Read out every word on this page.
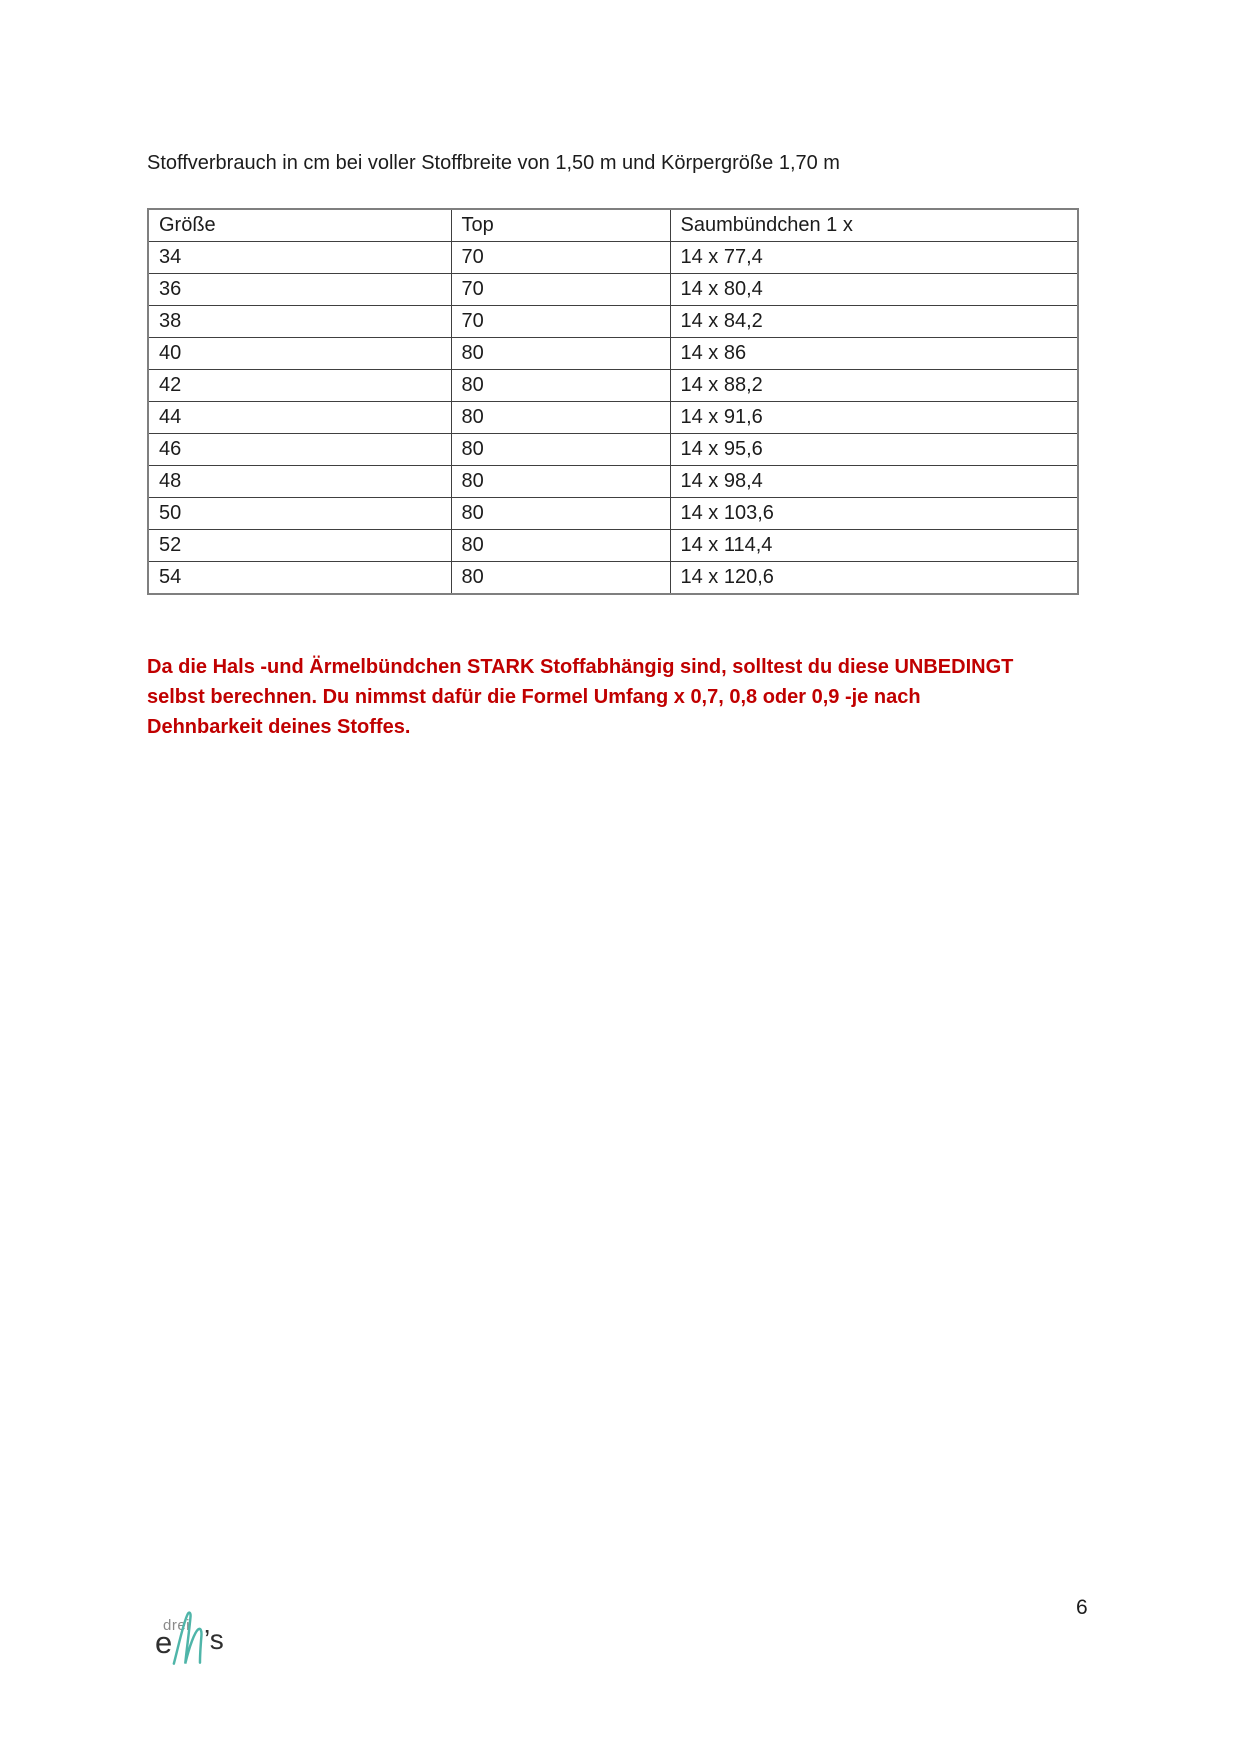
Stoffverbrauch in cm bei voller Stoffbreite von 1,50 m und Körpergröße 1,70 m
Größe	Top	Saumbündchen 1 x
34	70	14 x 77,4
36	70	14 x 80,4
38	70	14 x 84,2
40	80	14 x 86
42	80	14 x 88,2
44	80	14 x 91,6
46	80	14 x 95,6
48	80	14 x 98,4
50	80	14 x 103,6
52	80	14 x 114,4
54	80	14 x 120,6
Da die Hals -und Ärmelbündchen STARK Stoffabhängig sind, solltest du diese UNBEDINGT
selbst berechnen. Du nimmst dafür die Formel Umfang x 0,7, 0,8 oder 0,9 -je nach
Dehnbarkeit deines Stoffes.
drei
e ’s
6
